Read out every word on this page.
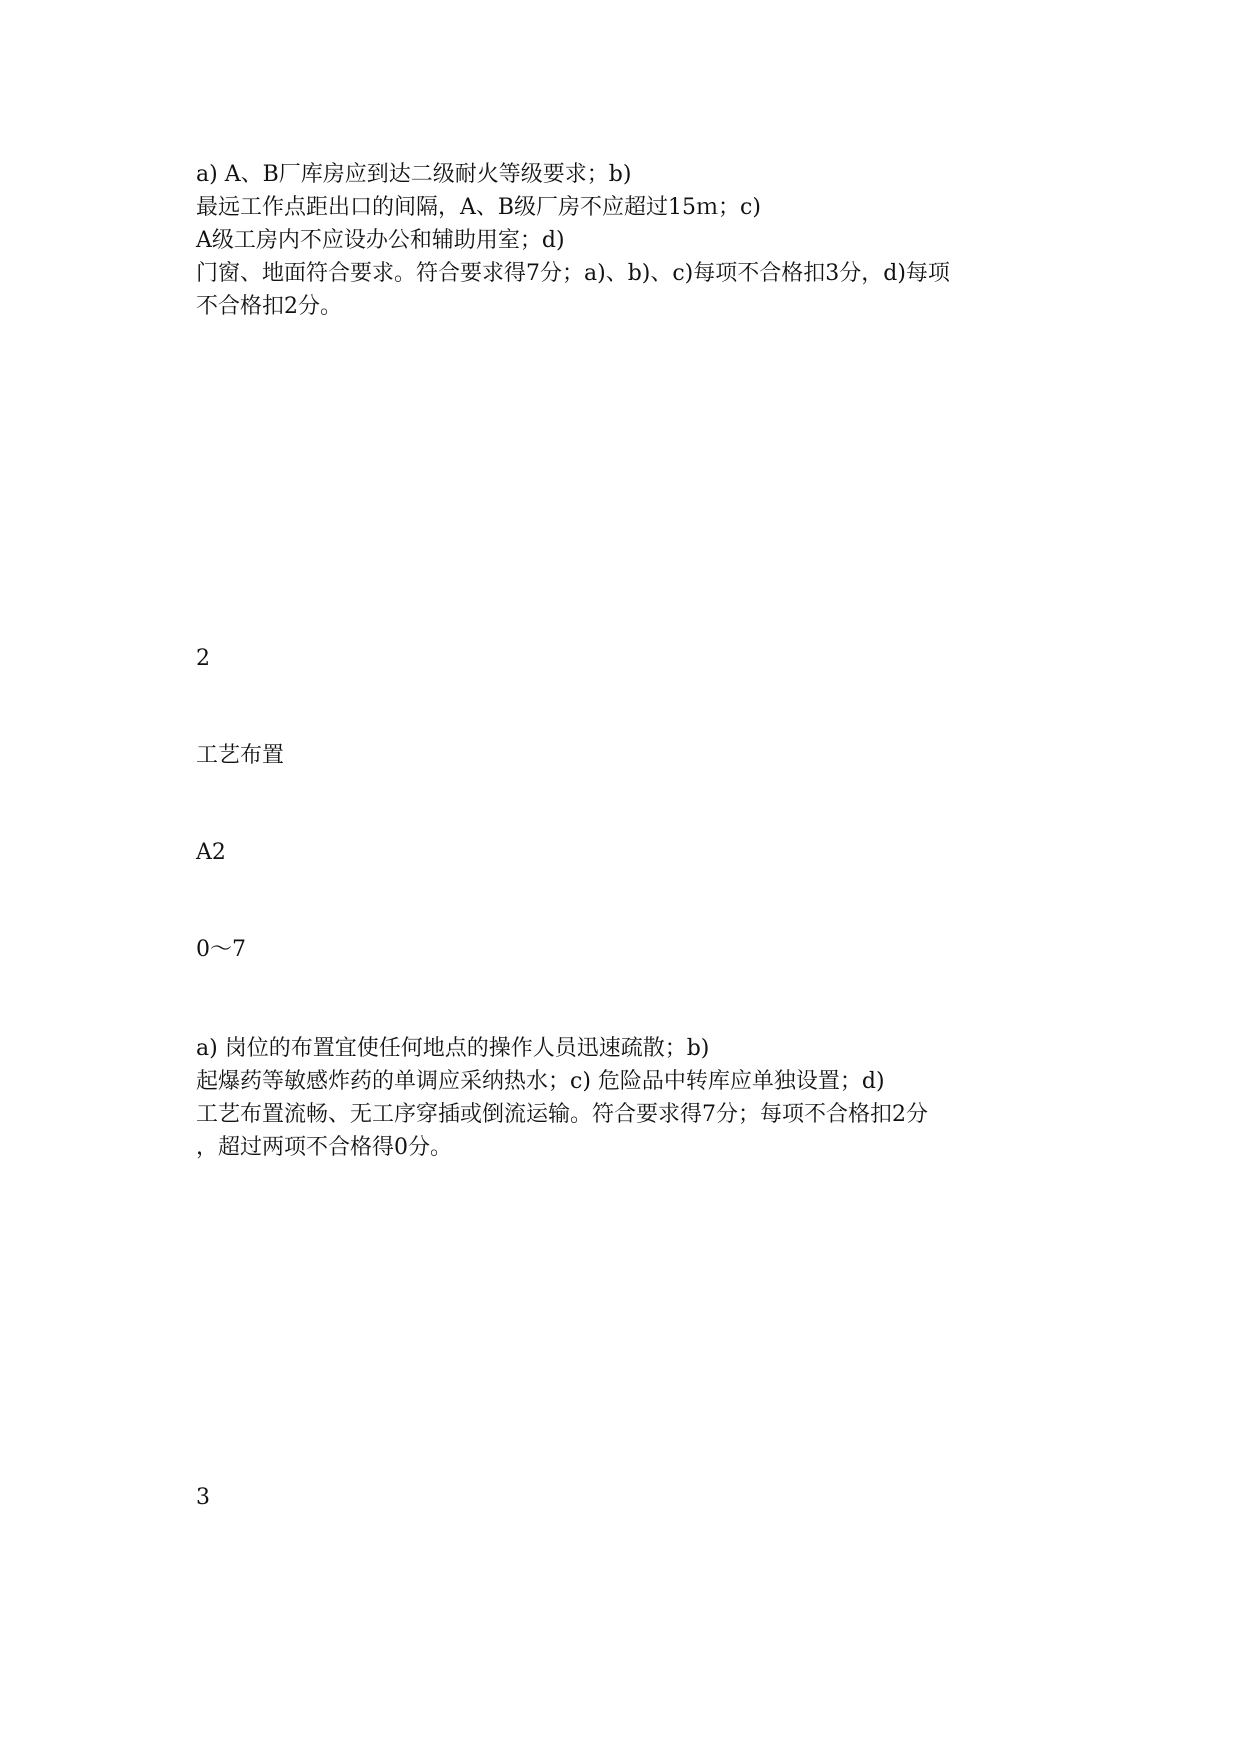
a) A、B厂库房应到达二级耐火等级要求；b)
最远工作点距出口的间隔，A、B级厂房不应超过15ｍ；c)
A级工房内不应设办公和辅助用室；d)
门窗、地面符合要求。符合要求得7分；a)、b)、c)每项不合格扣3分，d)每项
不合格扣2分。
2
工艺布置
A2
0～7
a) 岗位的布置宜使任何地点的操作人员迅速疏散；b)
起爆药等敏感炸药的单调应采纳热水；c) 危险品中转库应单独设置；d)
工艺布置流畅、无工序穿插或倒流运输。符合要求得7分；每项不合格扣2分
，超过两项不合格得0分。
3
